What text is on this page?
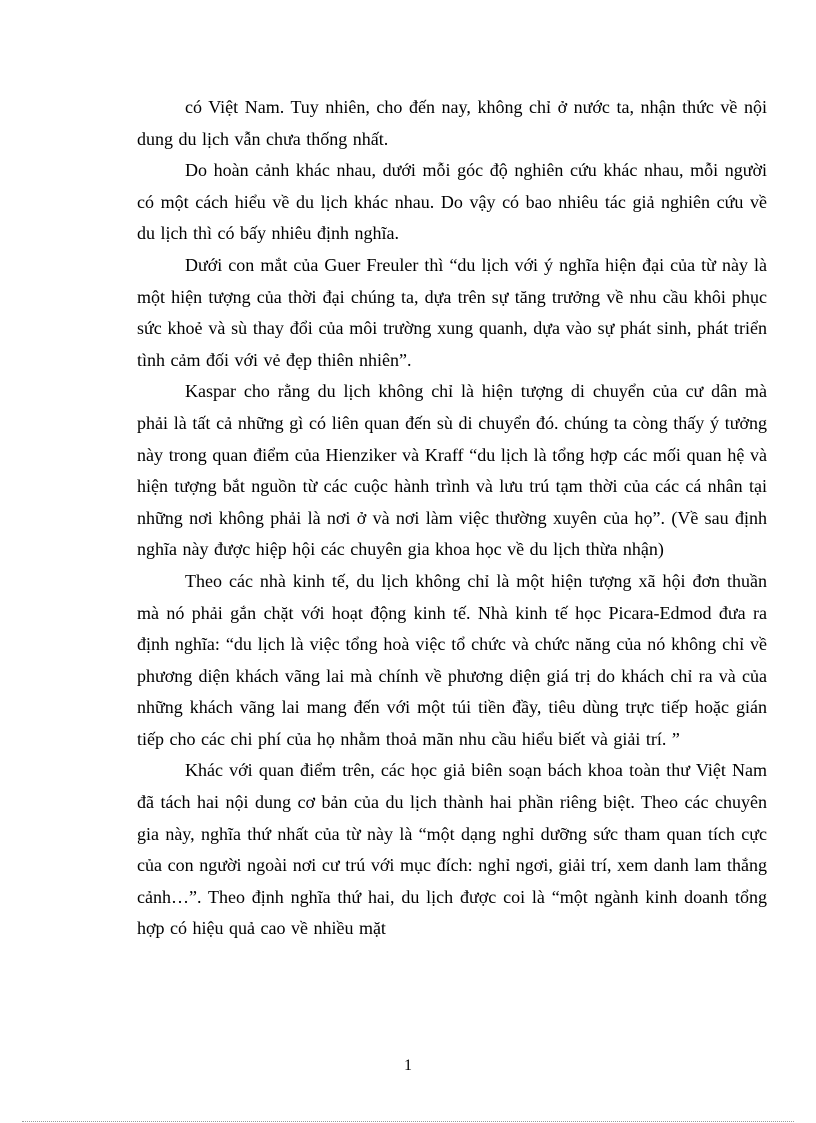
có Việt Nam. Tuy nhiên, cho đến nay, không chỉ ở nước ta, nhận thức về nội dung du lịch vẫn chưa thống nhất.

Do hoàn cảnh khác nhau, dưới mỗi góc độ nghiên cứu khác nhau, mỗi người có một cách hiểu về du lịch khác nhau. Do vậy có bao nhiêu tác giả nghiên cứu về du lịch thì có bấy nhiêu định nghĩa.

Dưới con mắt của Guer Freuler thì “du lịch với ý nghĩa hiện đại của từ này là một hiện tượng của thời đại chúng ta, dựa trên sự tăng trưởng về nhu cầu khôi phục sức khoẻ và sù thay đổi của môi trường xung quanh, dựa vào sự phát sinh, phát triển tình cảm đối với vẻ đẹp thiên nhiên”.

Kaspar cho rằng du lịch không chỉ là hiện tượng di chuyển của cư dân mà phải là tất cả những gì có liên quan đến sù di chuyển đó. chúng ta còng thấy ý tưởng này trong quan điểm của Hienziker và Kraff “du lịch là tổng hợp các mối quan hệ và hiện tượng bắt nguồn từ các cuộc hành trình và lưu trú tạm thời của các cá nhân tại những nơi không phải là nơi ở và nơi làm việc thường xuyên của họ”. (Về sau định nghĩa này được hiệp hội các chuyên gia khoa học về du lịch thừa nhận)

Theo các nhà kinh tế, du lịch không chỉ là một hiện tượng xã hội đơn thuần mà nó phải gắn chặt với hoạt động kinh tế. Nhà kinh tế học Picara-Edmod đưa ra định nghĩa: “du lịch là việc tổng hoà việc tổ chức và chức năng của nó không chỉ về phương diện khách vãng lai mà chính về phương diện giá trị do khách chỉ ra và của những khách vãng lai mang đến với một túi tiền đầy, tiêu dùng trực tiếp hoặc gián tiếp cho các chi phí của họ nhằm thoả mãn nhu cầu hiểu biết và giải trí. ”

Khác với quan điểm trên, các học giả biên soạn bách khoa toàn thư Việt Nam đã tách hai nội dung cơ bản của du lịch thành hai phần riêng biệt. Theo các chuyên gia này, nghĩa thứ nhất của từ này là “một dạng nghỉ dưỡng sức tham quan tích cực của con người ngoài nơi cư trú với mục đích: nghỉ ngơi, giải trí, xem danh lam thắng cảnh…”. Theo định nghĩa thứ hai, du lịch được coi là “một ngành kinh doanh tổng hợp có hiệu quả cao về nhiều mặt

1
